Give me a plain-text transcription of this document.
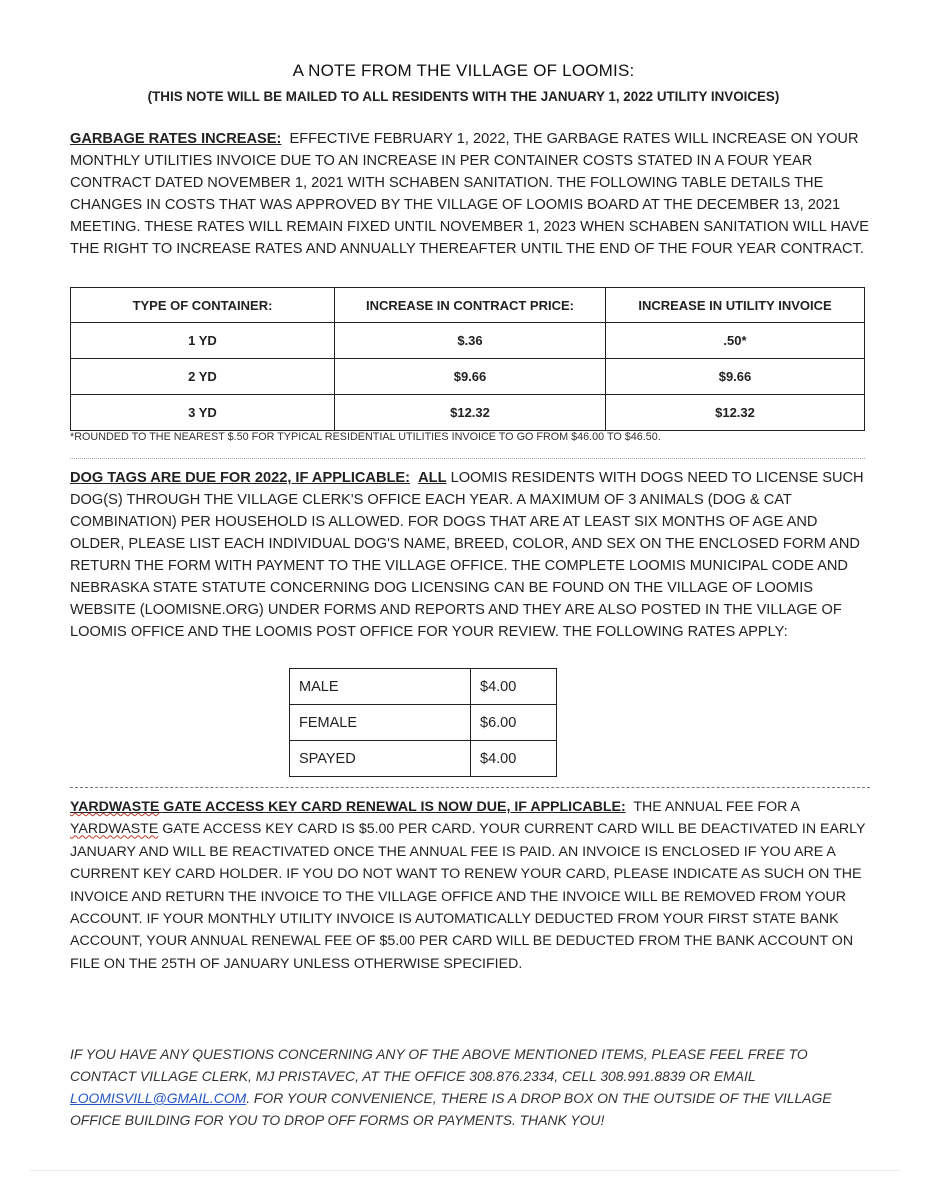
A NOTE FROM THE VILLAGE OF LOOMIS:
(THIS NOTE WILL BE MAILED TO ALL RESIDENTS WITH THE JANUARY 1, 2022 UTILITY INVOICES)
GARBAGE RATES INCREASE: EFFECTIVE FEBRUARY 1, 2022, THE GARBAGE RATES WILL INCREASE ON YOUR MONTHLY UTILITIES INVOICE DUE TO AN INCREASE IN PER CONTAINER COSTS STATED IN A FOUR YEAR CONTRACT DATED NOVEMBER 1, 2021 WITH SCHABEN SANITATION. THE FOLLOWING TABLE DETAILS THE CHANGES IN COSTS THAT WAS APPROVED BY THE VILLAGE OF LOOMIS BOARD AT THE DECEMBER 13, 2021 MEETING. THESE RATES WILL REMAIN FIXED UNTIL NOVEMBER 1, 2023 WHEN SCHABEN SANITATION WILL HAVE THE RIGHT TO INCREASE RATES AND ANNUALLY THEREAFTER UNTIL THE END OF THE FOUR YEAR CONTRACT.
TYPE OF CONTAINER:	INCREASE IN CONTRACT PRICE:	INCREASE IN UTILITY INVOICE
1 YD	$.36	.50*
2 YD	$9.66	$9.66
3 YD	$12.32	$12.32
*ROUNDED TO THE NEAREST $.50 FOR TYPICAL RESIDENTIAL UTILITIES INVOICE TO GO FROM $46.00 TO $46.50.
DOG TAGS ARE DUE FOR 2022, IF APPLICABLE: ALL LOOMIS RESIDENTS WITH DOGS NEED TO LICENSE SUCH DOG(S) THROUGH THE VILLAGE CLERK'S OFFICE EACH YEAR. A MAXIMUM OF 3 ANIMALS (DOG & CAT COMBINATION) PER HOUSEHOLD IS ALLOWED. FOR DOGS THAT ARE AT LEAST SIX MONTHS OF AGE AND OLDER, PLEASE LIST EACH INDIVIDUAL DOG'S NAME, BREED, COLOR, AND SEX ON THE ENCLOSED FORM AND RETURN THE FORM WITH PAYMENT TO THE VILLAGE OFFICE. THE COMPLETE LOOMIS MUNICIPAL CODE AND NEBRASKA STATE STATUTE CONCERNING DOG LICENSING CAN BE FOUND ON THE VILLAGE OF LOOMIS WEBSITE (LOOMISNE.ORG) UNDER FORMS AND REPORTS AND THEY ARE ALSO POSTED IN THE VILLAGE OF LOOMIS OFFICE AND THE LOOMIS POST OFFICE FOR YOUR REVIEW. THE FOLLOWING RATES APPLY:
MALE	$4.00
FEMALE	$6.00
SPAYED	$4.00
YARDWASTE GATE ACCESS KEY CARD RENEWAL IS NOW DUE, IF APPLICABLE: THE ANNUAL FEE FOR A YARDWASTE GATE ACCESS KEY CARD IS $5.00 PER CARD. YOUR CURRENT CARD WILL BE DEACTIVATED IN EARLY JANUARY AND WILL BE REACTIVATED ONCE THE ANNUAL FEE IS PAID. AN INVOICE IS ENCLOSED IF YOU ARE A CURRENT KEY CARD HOLDER. IF YOU DO NOT WANT TO RENEW YOUR CARD, PLEASE INDICATE AS SUCH ON THE INVOICE AND RETURN THE INVOICE TO THE VILLAGE OFFICE AND THE INVOICE WILL BE REMOVED FROM YOUR ACCOUNT. IF YOUR MONTHLY UTILITY INVOICE IS AUTOMATICALLY DEDUCTED FROM YOUR FIRST STATE BANK ACCOUNT, YOUR ANNUAL RENEWAL FEE OF $5.00 PER CARD WILL BE DEDUCTED FROM THE BANK ACCOUNT ON FILE ON THE 25TH OF JANUARY UNLESS OTHERWISE SPECIFIED.
IF YOU HAVE ANY QUESTIONS CONCERNING ANY OF THE ABOVE MENTIONED ITEMS, PLEASE FEEL FREE TO CONTACT VILLAGE CLERK, MJ PRISTAVEC, AT THE OFFICE 308.876.2334, CELL 308.991.8839 OR EMAIL LOOMISVILL@GMAIL.COM. FOR YOUR CONVENIENCE, THERE IS A DROP BOX ON THE OUTSIDE OF THE VILLAGE OFFICE BUILDING FOR YOU TO DROP OFF FORMS OR PAYMENTS. THANK YOU!
